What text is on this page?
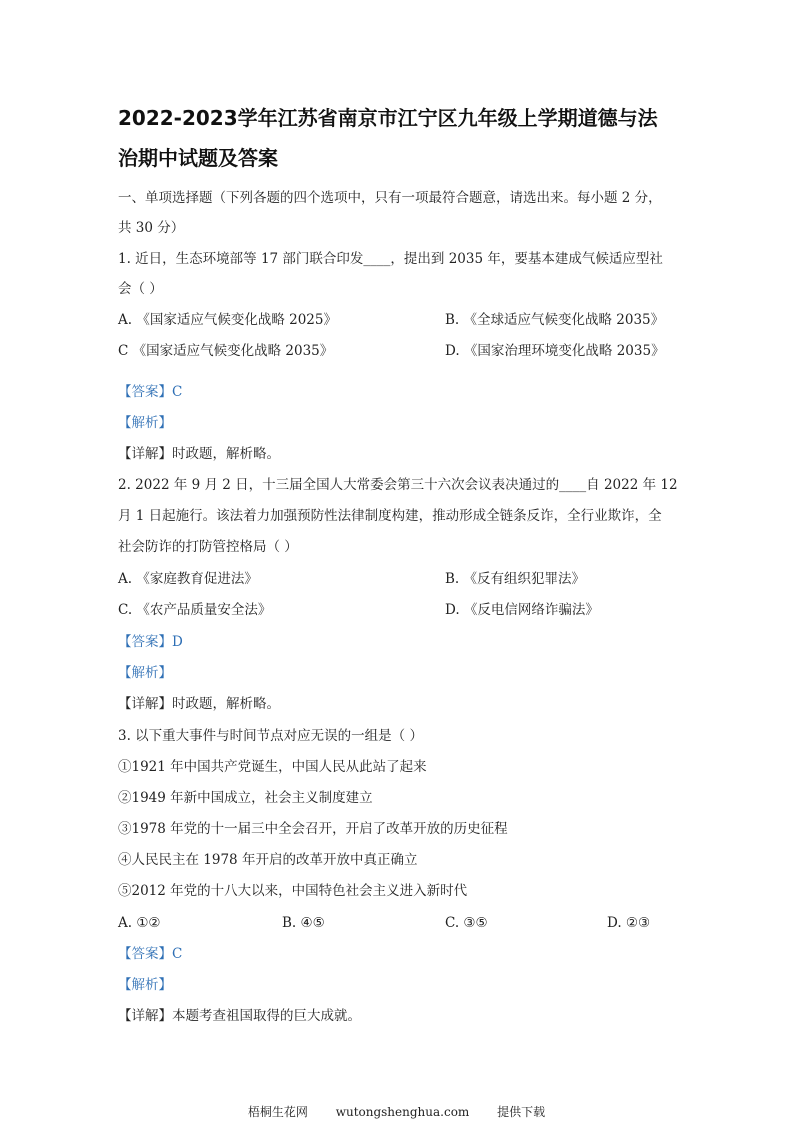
2022-2023学年江苏省南京市江宁区九年级上学期道德与法
治期中试题及答案
一、单项选择题（下列各题的四个选项中，只有一项最符合题意，请选出来。每小题 2 分，
共 30 分）
1. 近日，生态环境部等 17 部门联合印发____，提出到 2035 年，要基本建成气候适应型社
会（ ）
A. 《国家适应气候变化战略 2025》	B. 《全球适应气候变化战略 2035》
C 《国家适应气候变化战略 2035》	D. 《国家治理环境变化战略 2035》
【答案】C
【解析】
【详解】时政题，解析略。
2. 2022 年 9 月 2 日，十三届全国人大常委会第三十六次会议表决通过的____自 2022 年 12
月 1 日起施行。该法着力加强预防性法律制度构建，推动形成全链条反诈，全行业欺诈，全
社会防诈的打防管控格局（ ）
A. 《家庭教育促进法》	B. 《反有组织犯罪法》
C. 《农产品质量安全法》	D. 《反电信网络诈骗法》
【答案】D
【解析】
【详解】时政题，解析略。
3. 以下重大事件与时间节点对应无误的一组是（ ）
①1921 年中国共产党诞生，中国人民从此站了起来
②1949 年新中国成立，社会主义制度建立
③1978 年党的十一届三中全会召开，开启了改革开放的历史征程
④人民民主在 1978 年开启的改革开放中真正确立
⑤2012 年党的十八大以来，中国特色社会主义进入新时代
A. ①②	B. ④⑤	C. ③⑤	D. ②③
【答案】C
【解析】
【详解】本题考查祖国取得的巨大成就。
梧桐生花网 wutongshenghua.com 提供下载
